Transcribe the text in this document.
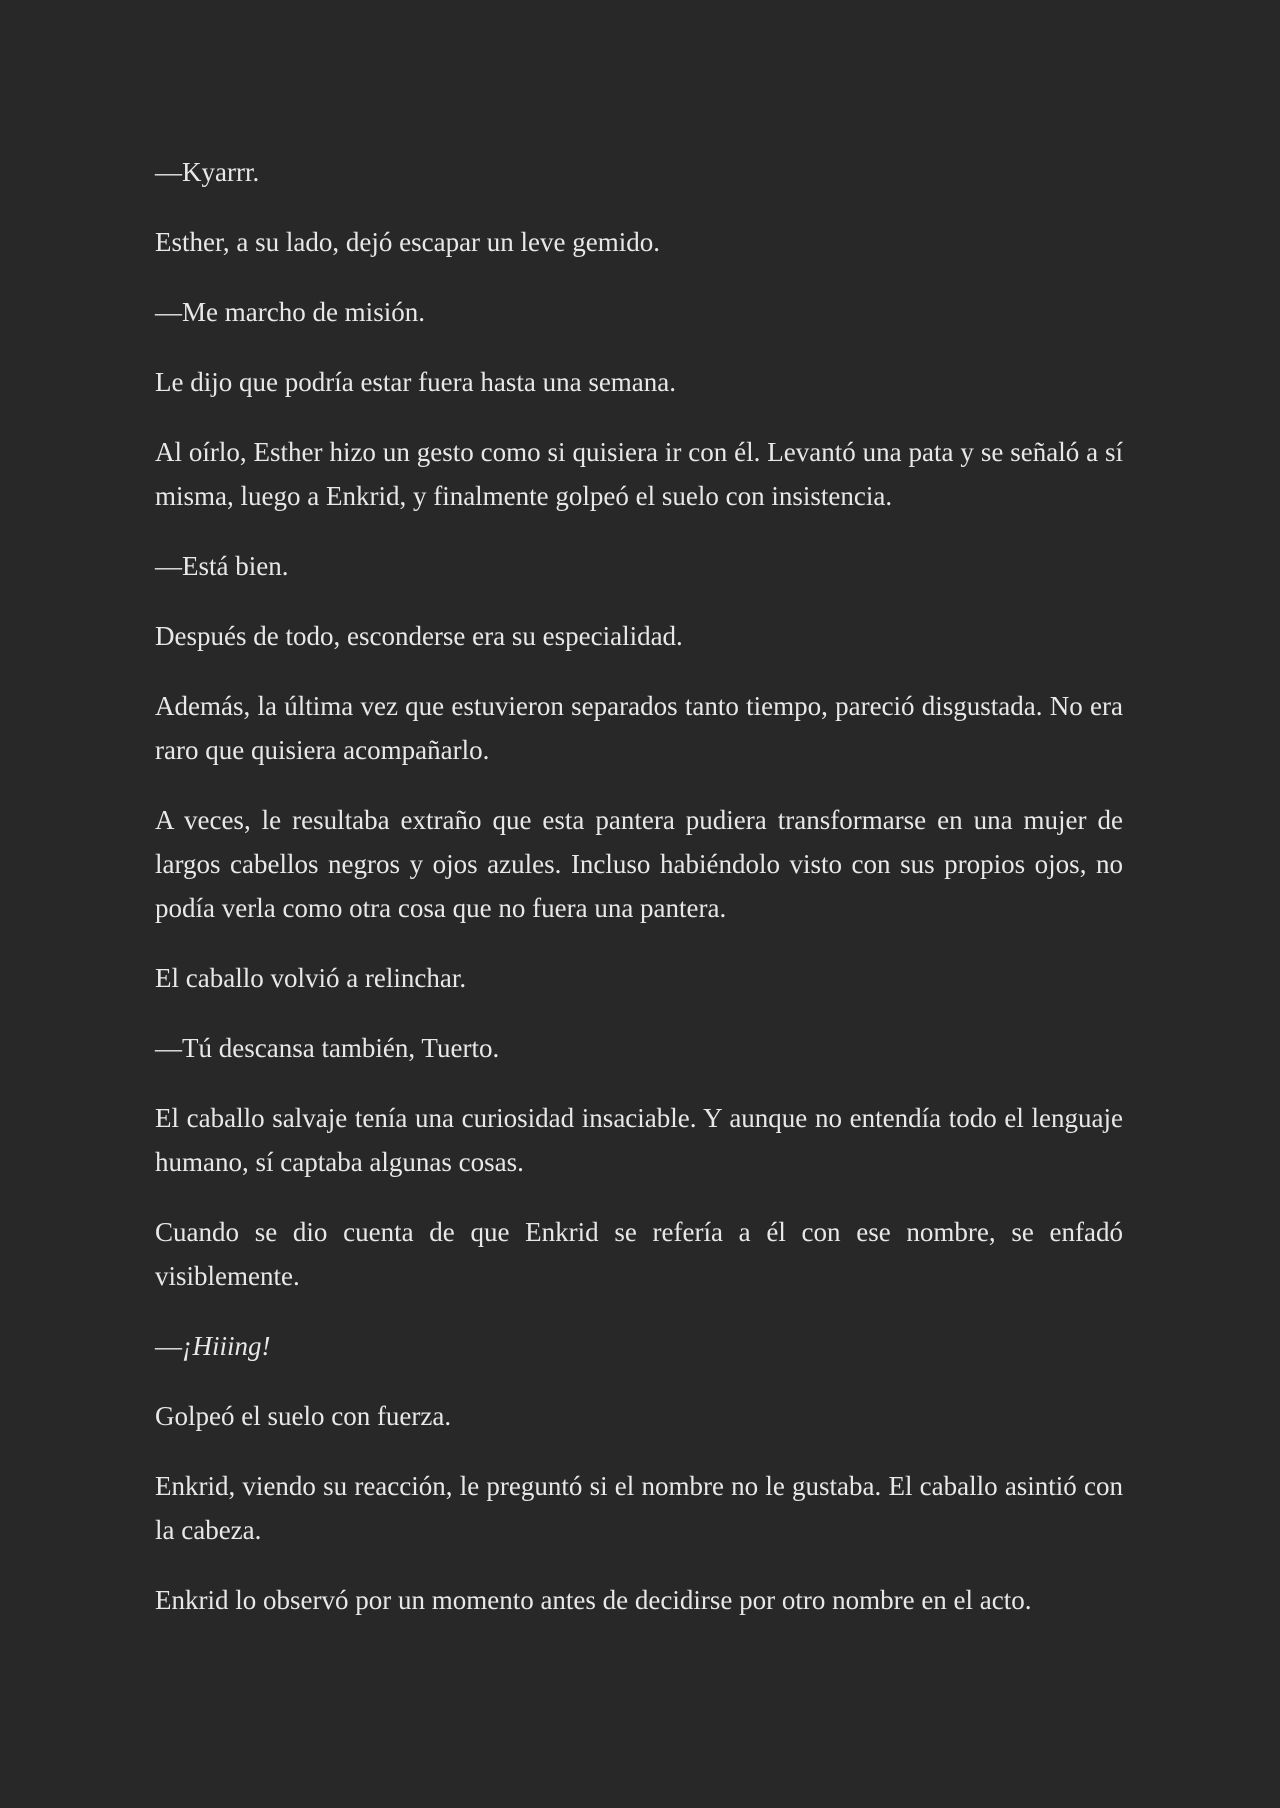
—Kyarrr.

Esther, a su lado, dejó escapar un leve gemido.

—Me marcho de misión.

Le dijo que podría estar fuera hasta una semana.

Al oírlo, Esther hizo un gesto como si quisiera ir con él. Levantó una pata y se señaló a sí misma, luego a Enkrid, y finalmente golpeó el suelo con insistencia.

—Está bien.

Después de todo, esconderse era su especialidad.

Además, la última vez que estuvieron separados tanto tiempo, pareció disgustada. No era raro que quisiera acompañarlo.

A veces, le resultaba extraño que esta pantera pudiera transformarse en una mujer de largos cabellos negros y ojos azules. Incluso habiéndolo visto con sus propios ojos, no podía verla como otra cosa que no fuera una pantera.

El caballo volvió a relinchar.

—Tú descansa también, Tuerto.

El caballo salvaje tenía una curiosidad insaciable. Y aunque no entendía todo el lenguaje humano, sí captaba algunas cosas.

Cuando se dio cuenta de que Enkrid se refería a él con ese nombre, se enfadó visiblemente.

—¡Hiiing!

Golpeó el suelo con fuerza.

Enkrid, viendo su reacción, le preguntó si el nombre no le gustaba. El caballo asintió con la cabeza.

Enkrid lo observó por un momento antes de decidirse por otro nombre en el acto.
